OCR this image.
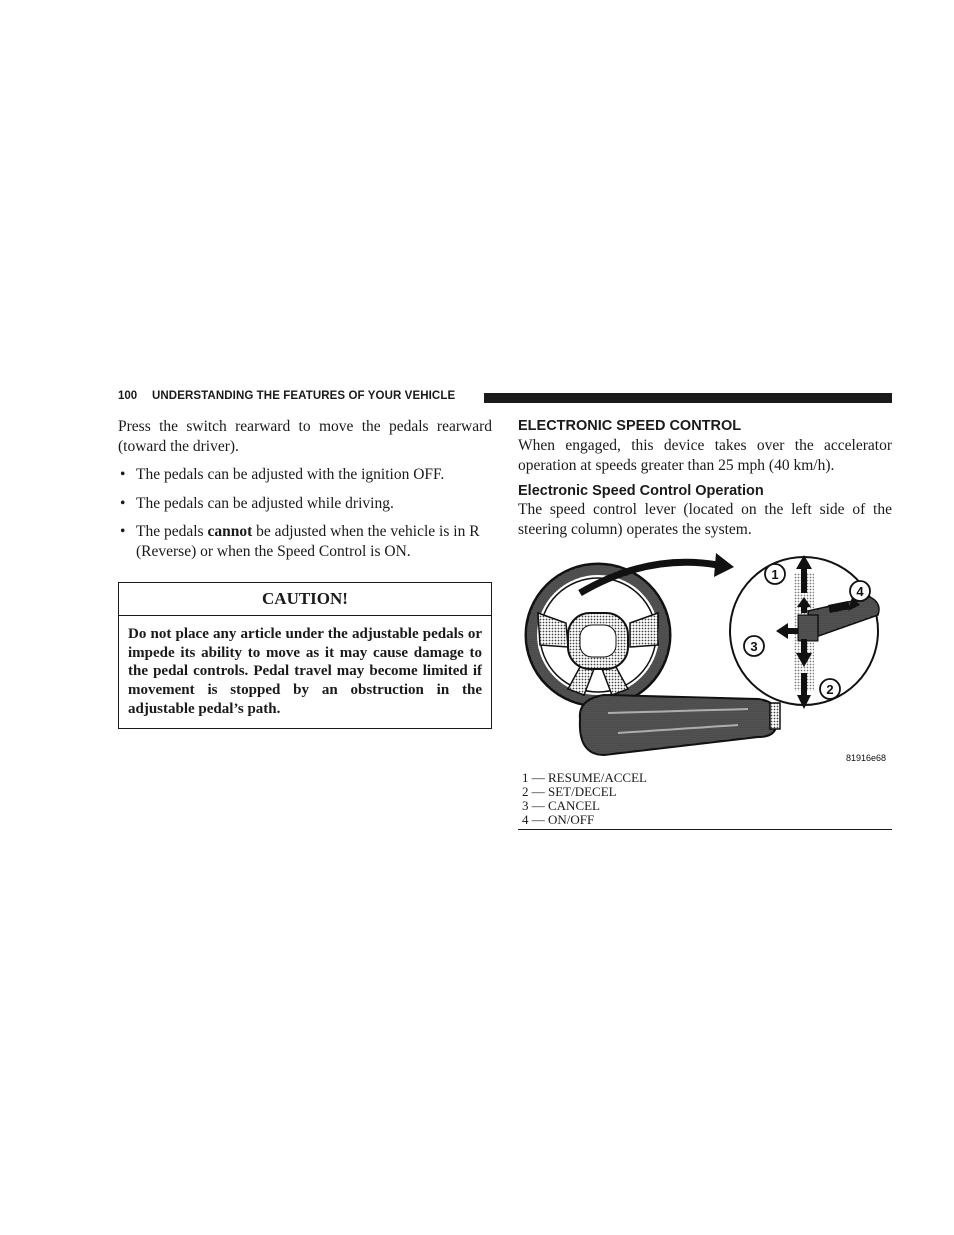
100 UNDERSTANDING THE FEATURES OF YOUR VEHICLE

Press the switch rearward to move the pedals rearward (toward the driver).

• The pedals can be adjusted with the ignition OFF.
• The pedals can be adjusted while driving.
• The pedals cannot be adjusted when the vehicle is in R (Reverse) or when the Speed Control is ON.
CAUTION!
Do not place any article under the adjustable pedals or impede its ability to move as it may cause damage to the pedal controls. Pedal travel may become limited if movement is stopped by an obstruction in the adjustable pedal’s path.
ELECTRONIC SPEED CONTROL

When engaged, this device takes over the accelerator operation at speeds greater than 25 mph (40 km/h).

Electronic Speed Control Operation

The speed control lever (located on the left side of the steering column) operates the system.

1
2
3
4
81916e68
1 — RESUME/ACCEL
2 — SET/DECEL
3 — CANCEL
4 — ON/OFF
